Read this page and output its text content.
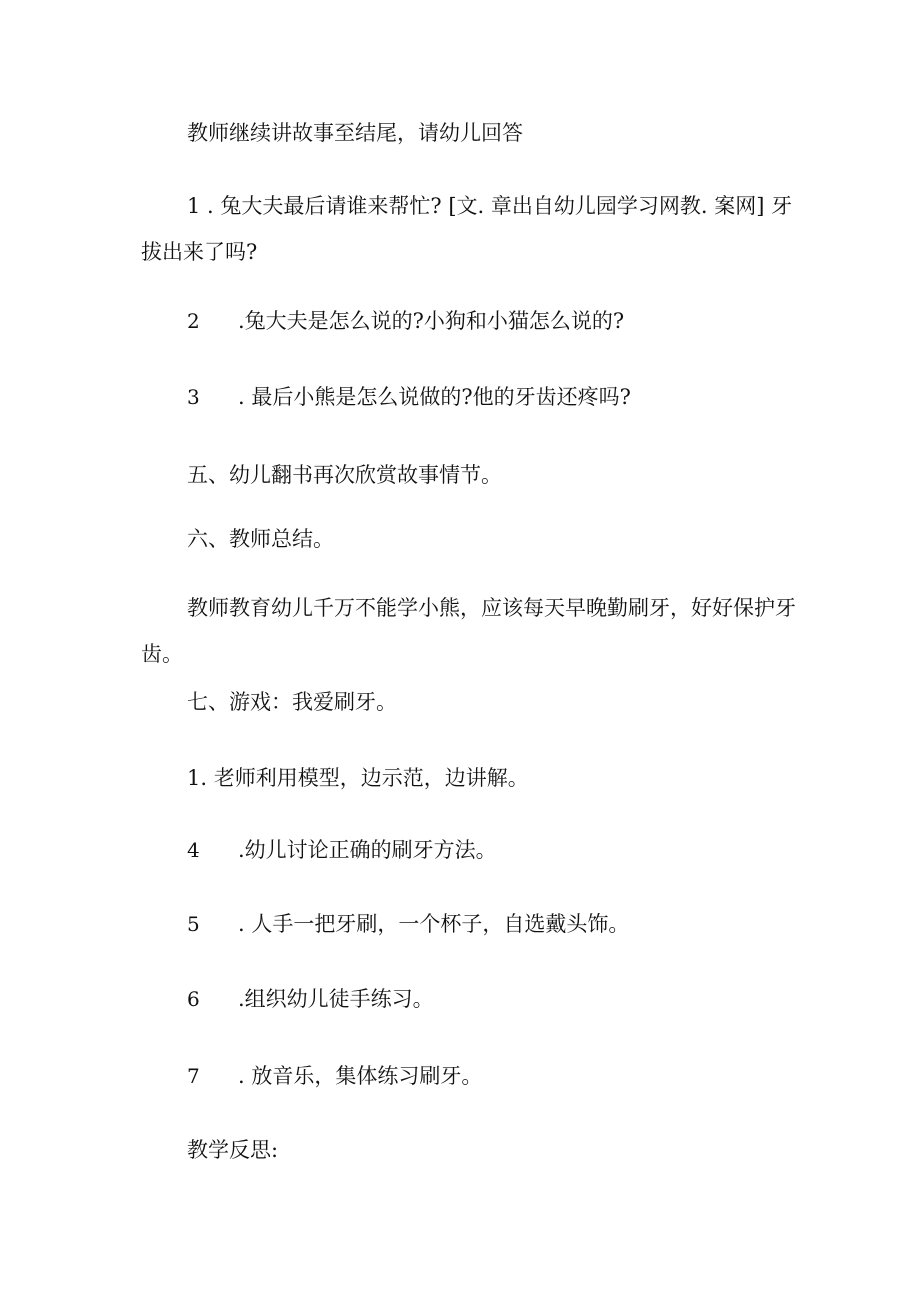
教师继续讲故事至结尾，请幼儿回答

1 . 兔大夫最后请谁来帮忙? [文. 章出自幼儿园学习网教. 案网] 牙

拔出来了吗?

2 .兔大夫是怎么说的?小狗和小猫怎么说的?

3 . 最后小熊是怎么说做的?他的牙齿还疼吗?

五、幼儿翻书再次欣赏故事情节。

六、教师总结。

教师教育幼儿千万不能学小熊，应该每天早晚勤刷牙，好好保护牙

齿。

七、游戏：我爱刷牙。

1. 老师利用模型，边示范，边讲解。

4 .幼儿讨论正确的刷牙方法。

5 . 人手一把牙刷，一个杯子，自选戴头饰。

6 .组织幼儿徒手练习。

7 . 放音乐，集体练习刷牙。

教学反思:
